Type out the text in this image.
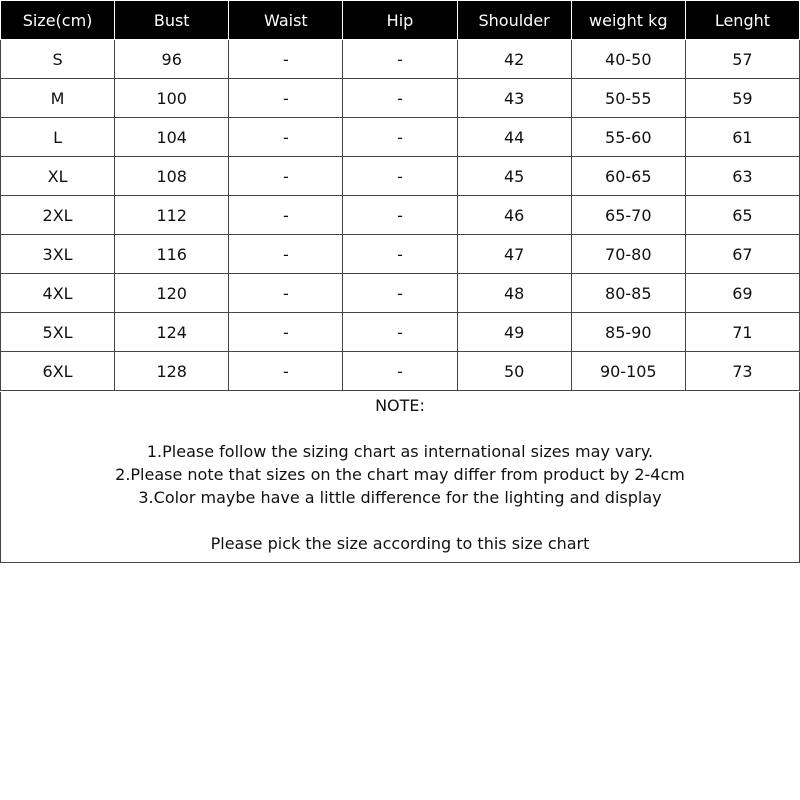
Size(cm)	Bust	Waist	Hip	Shoulder	weight kg	Lenght
S	96	-	-	42	40-50	57
M	100	-	-	43	50-55	59
L	104	-	-	44	55-60	61
XL	108	-	-	45	60-65	63
2XL	112	-	-	46	65-70	65
3XL	116	-	-	47	70-80	67
4XL	120	-	-	48	80-85	69
5XL	124	-	-	49	85-90	71
6XL	128	-	-	50	90-105	73
NOTE:
1.Please follow the sizing chart as international sizes may vary.
2.Please note that sizes on the chart may differ from product by 2-4cm
3.Color maybe have a little difference for the lighting and display
Please pick the size according to this size chart
